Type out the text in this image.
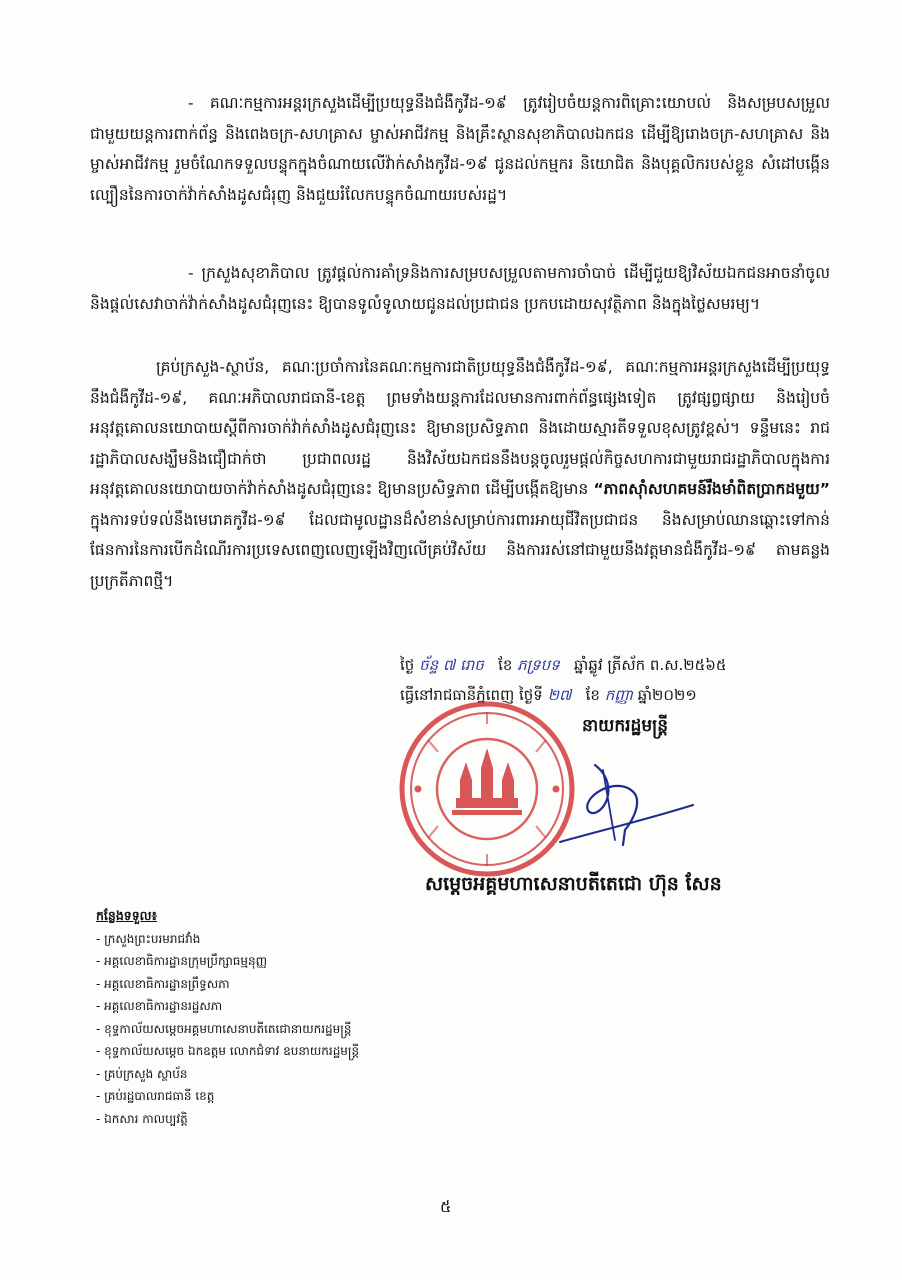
- គណៈកម្មការអន្តរក្រសួងដើម្បីប្រយុទ្ធនឹងជំងឺកូវីដ-១៩ ត្រូវរៀបចំយន្តការពិគ្រោះយោបល់ និងសម្របសម្រួលជាមួយយន្តការពាក់ព័ន្ធ និងពេងចក្រ-សហគ្រាស ម្ចាស់អាជីវកម្ម និងគ្រឹះស្ថានសុខាភិបាលឯកជន ដើម្បីឱ្យរោងចក្រ-សហគ្រាស និងម្ចាស់អាជីវកម្ម រួមចំណែកទទួលបន្ទុកក្នុងចំណាយលើវ៉ាក់សាំងកូវីដ-១៩ ជូនដល់កម្មករ និយោជិត និងបុគ្គលិករបស់ខ្លួន សំដៅបង្កើនល្បឿននៃការចាក់វ៉ាក់សាំងដូសជំរុញ និងជួយរំលែកបន្ទុកចំណាយរបស់រដ្ឋ។

- ក្រសួងសុខាភិបាល ត្រូវផ្តល់ការគាំទ្រនិងការសម្របសម្រួលតាមការចាំបាច់ ដើម្បីជួយឱ្យវិស័យឯកជនអាចនាំចូល និងផ្តល់សេវាចាក់វ៉ាក់សាំងដូសជំរុញនេះ ឱ្យបានទូលំទូលាយជូនដល់ប្រជាជន ប្រកបដោយសុវត្ថិភាព និងក្នុងថ្លៃសមរម្យ។

គ្រប់ក្រសួង-ស្ថាប័ន, គណៈប្រចាំការនៃគណៈកម្មការជាតិប្រយុទ្ធនឹងជំងឺកូវីដ-១៩, គណៈកម្មការអន្តរក្រសួងដើម្បីប្រយុទ្ធនឹងជំងឺកូវីដ-១៩, គណៈអភិបាលរាជធានី-ខេត្ត ព្រមទាំងយន្តការដែលមានការពាក់ព័ន្ធផ្សេងទៀត ត្រូវផ្សព្វផ្សាយ និងរៀបចំអនុវត្តគោលនយោបាយស្តីពីការចាក់វ៉ាក់សាំងដូសជំរុញនេះ ឱ្យមានប្រសិទ្ធភាព និងដោយស្មារតីទទួលខុសត្រូវខ្ពស់។ ទន្ទឹមនេះ រាជរដ្ឋាភិបាលសង្ឃឹមនិងជឿជាក់ថា ប្រជាពលរដ្ឋ និងវិស័យឯកជននឹងបន្តចូលរួមផ្តល់កិច្ចសហការជាមួយរាជរដ្ឋាភិបាលក្នុងការអនុវត្តគោលនយោបាយចាក់វ៉ាក់សាំងដូសជំរុញនេះ ឱ្យមានប្រសិទ្ធភាព ដើម្បីបង្កើតឱ្យមាន “ភាពស៊ាំសហគមន៍រឹងមាំពិតប្រាកដមួយ” ក្នុងការទប់ទល់នឹងមេរោគកូវីដ-១៩ ដែលជាមូលដ្ឋានដ៏សំខាន់សម្រាប់ការពារអាយុជីវិតប្រជាជន និងសម្រាប់ឈានឆ្ពោះទៅកាន់ផែនការនៃការបើកដំណើរការប្រទេសពេញលេញឡើងវិញលើគ្រប់វិស័យ និងការរស់នៅជាមួយនឹងវត្តមានជំងឺកូវីដ-១៩ តាមគន្លងប្រក្រតីភាពថ្មី។

ថ្ងៃ ច័ន្ទ ៧ រោច ខែ ភទ្របទ ឆ្នាំឆ្លូវ ត្រីស័ក ព.ស.២៥៦៥
ធ្វើនៅរាជធានីភ្នំពេញ ថ្ងៃទី ២៧ ខែ កញ្ញា ឆ្នាំ២០២១
នាយករដ្ឋមន្ត្រី
សម្តេចអគ្គមហាសេនាបតីតេជោ ហ៊ុន សែន
កន្លែងទទួល៖
- ក្រសួងព្រះបរមរាជវាំង
- អគ្គលេខាធិការដ្ឋានក្រុមប្រឹក្សាធម្មនុញ្ញ
- អគ្គលេខាធិការដ្ឋានព្រឹទ្ធសភា
- អគ្គលេខាធិការដ្ឋានរដ្ឋសភា
- ខុទ្ទកាល័យសម្តេចអគ្គមហាសេនាបតីតេជោនាយករដ្ឋមន្ត្រី
- ខុទ្ទកាល័យសម្តេច ឯកឧត្តម លោកជំទាវ ឧបនាយករដ្ឋមន្ត្រី
- គ្រប់ក្រសួង ស្ថាប័ន
- គ្រប់រដ្ឋបាលរាជធានី ខេត្ត
- ឯកសារ កាលប្បវត្តិ
៥
